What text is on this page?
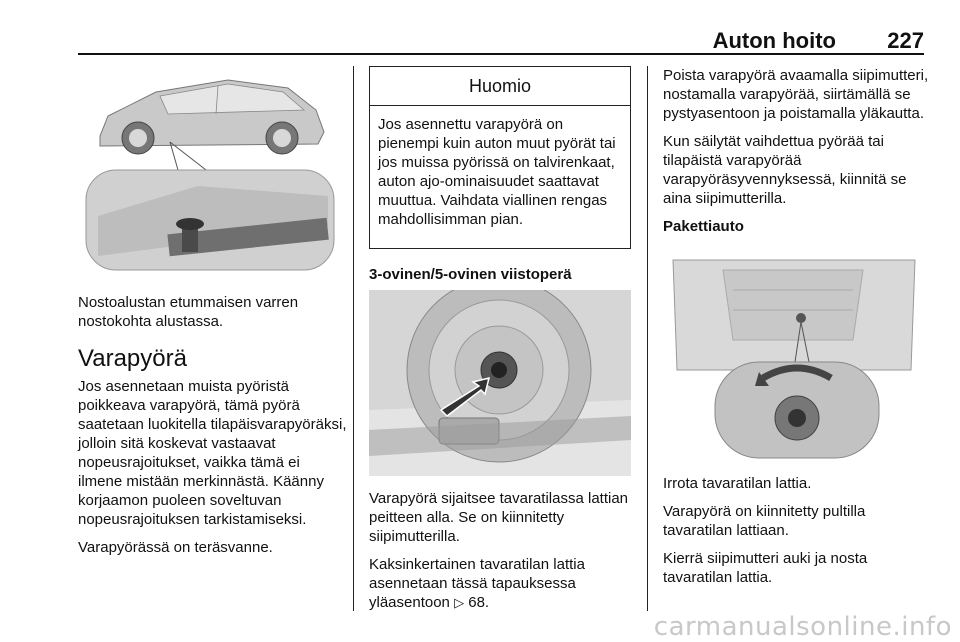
Auton hoito 227

Nostoalustan etummaisen varren nostokohta alustassa.

Varapyörä

Jos asennetaan muista pyöristä poikkeava varapyörä, tämä pyörä saatetaan luokitella tilapäisvarapyöräksi, jolloin sitä koskevat vastaavat nopeusrajoitukset, vaikka tämä ei ilmene mistään merkinnästä. Käänny korjaamon puoleen soveltuvan nopeusrajoituksen tarkistamiseksi.

Varapyörässä on teräsvanne.

Huomio
Jos asennettu varapyörä on pienempi kuin auton muut pyörät tai jos muissa pyörissä on talvirenkaat, auton ajo-ominaisuudet saattavat muuttua. Vaihdata viallinen rengas mahdollisimman pian.

3-ovinen/5-ovinen viistoperä

Varapyörä sijaitsee tavaratilassa lattian peitteen alla. Se on kiinnitetty siipimutterilla.

Kaksinkertainen tavaratilan lattia asennetaan tässä tapauksessa yläasentoon ▷ 68.

Poista varapyörä avaamalla siipimutteri, nostamalla varapyörää, siirtämällä se pystyasentoon ja poistamalla yläkautta.

Kun säilytät vaihdettua pyörää tai tilapäistä varapyörää varapyöräsyvennyksessä, kiinnitä se aina siipimutterilla.

Pakettiauto

Irrota tavaratilan lattia.

Varapyörä on kiinnitetty pultilla tavaratilan lattiaan.

Kierrä siipimutteri auki ja nosta tavaratilan lattia.

carmanualsonline.info
